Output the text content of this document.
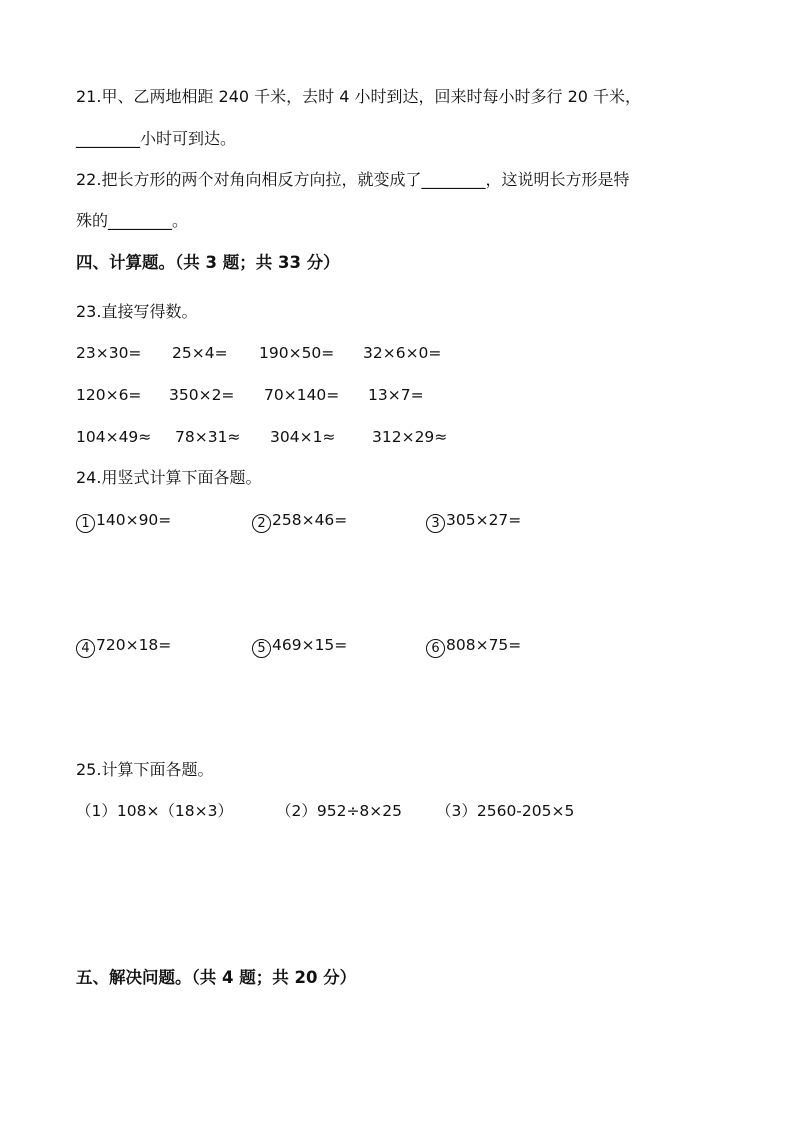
21.甲、乙两地相距 240 千米，去时 4 小时到达，回来时每小时多行 20 千米，
________小时可到达。
22.把长方形的两个对角向相反方向拉，就变成了________，这说明长方形是特
殊的________。
四、计算题。（共 3 题；共 33 分）
23.直接写得数。
23×30= 25×4= 190×50= 32×6×0=
120×6= 350×2= 70×140= 13×7=
104×49≈ 78×31≈ 304×1≈ 312×29≈
24.用竖式计算下面各题。
1 140×90=	2 258×46=	3 305×27=
4 720×18=	5 469×15=	6 808×75=
25.计算下面各题。
（1）108×（18×3）	（2）952÷8×25 （3）2560-205×5
五、解决问题。（共 4 题；共 20 分）
